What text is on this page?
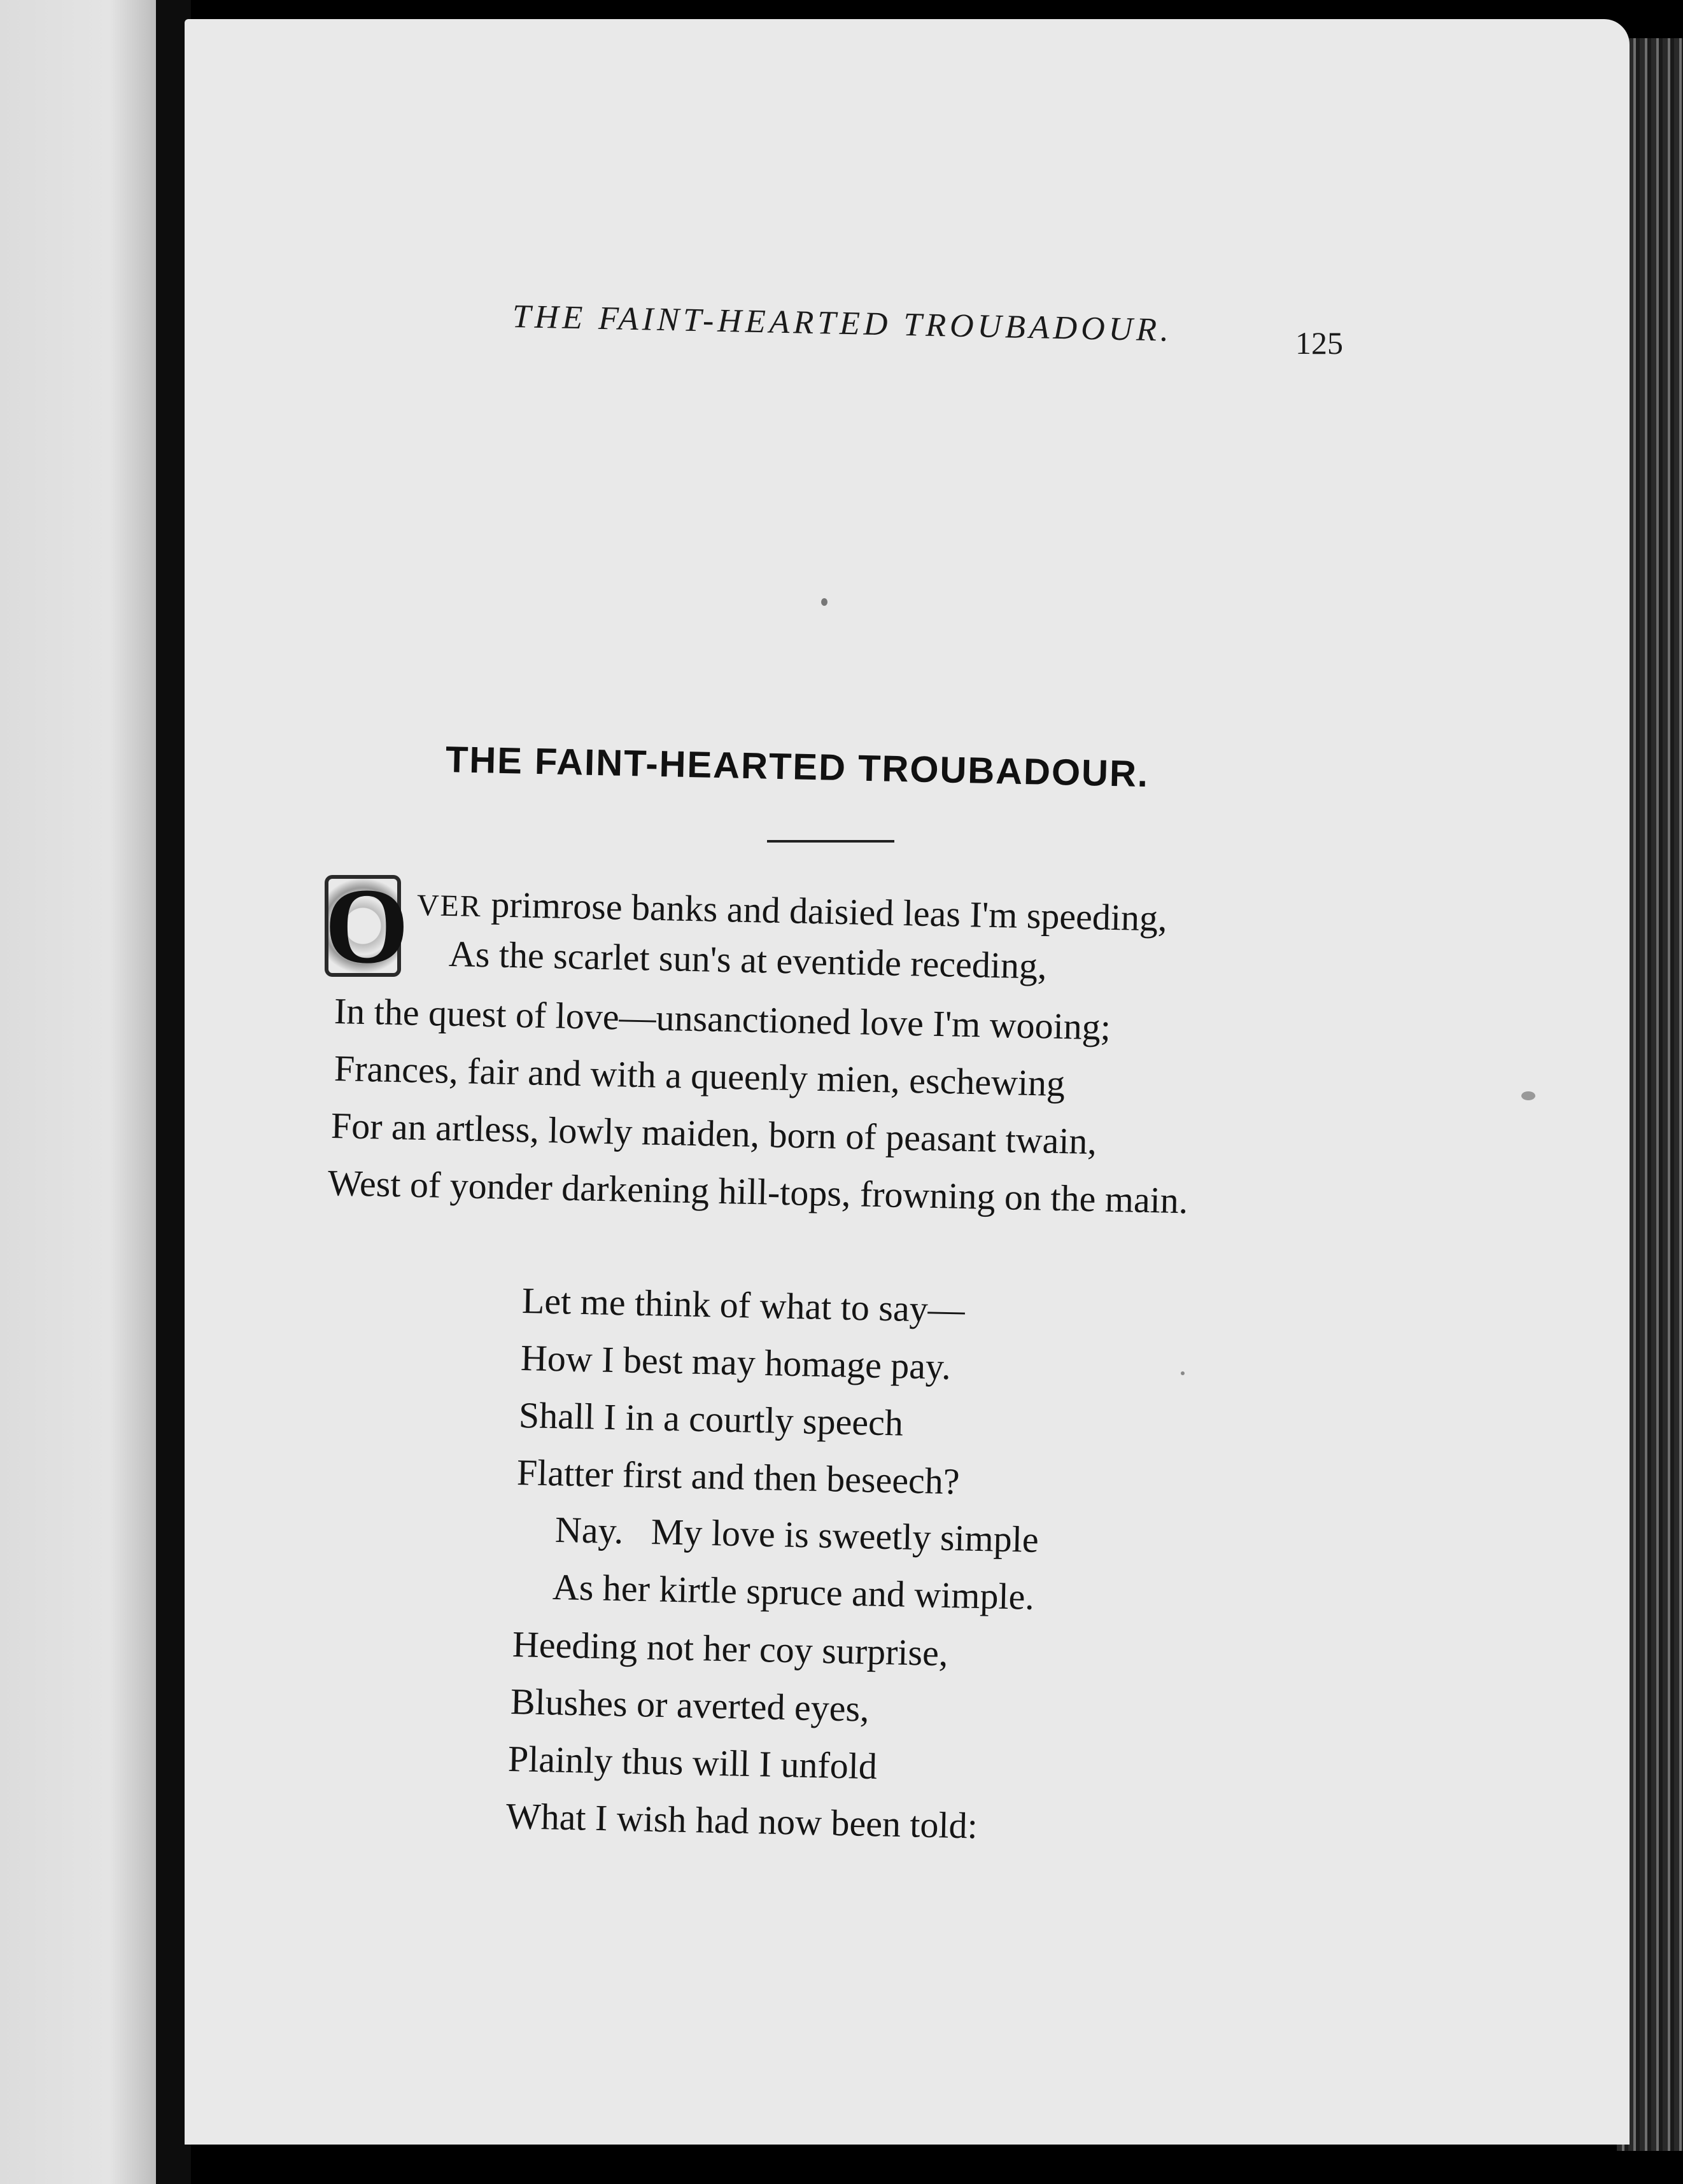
THE FAINT-HEARTED TROUBADOUR.	125
THE FAINT-HEARTED TROUBADOUR.
O VER primrose banks and daisied leas I'm speeding,
As the scarlet sun's at eventide receding,
In the quest of love—unsanctioned love I'm wooing;
Frances, fair and with a queenly mien, eschewing
For an artless, lowly maiden, born of peasant twain,
West of yonder darkening hill-tops, frowning on the main.
Let me think of what to say—
How I best may homage pay.
Shall I in a courtly speech
Flatter first and then beseech?
Nay.   My love is sweetly simple
As her kirtle spruce and wimple.
Heeding not her coy surprise,
Blushes or averted eyes,
Plainly thus will I unfold
What I wish had now been told:
